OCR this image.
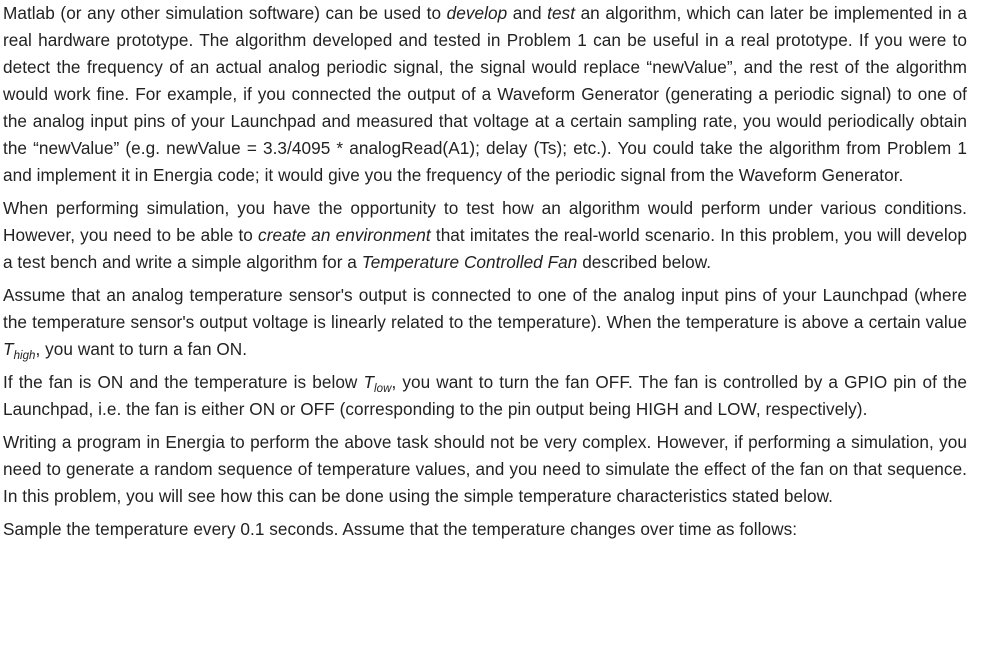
Matlab (or any other simulation software) can be used to develop and test an algorithm, which can later be implemented in a real hardware prototype. The algorithm developed and tested in Problem 1 can be useful in a real prototype. If you were to detect the frequency of an actual analog periodic signal, the signal would replace “newValue”, and the rest of the algorithm would work fine. For example, if you connected the output of a Waveform Generator (generating a periodic signal) to one of the analog input pins of your Launchpad and measured that voltage at a certain sampling rate, you would periodically obtain the “newValue” (e.g. newValue = 3.3/4095 * analogRead(A1); delay (Ts); etc.). You could take the algorithm from Problem 1 and implement it in Energia code; it would give you the frequency of the periodic signal from the Waveform Generator.

When performing simulation, you have the opportunity to test how an algorithm would perform under various conditions. However, you need to be able to create an environment that imitates the real-world scenario. In this problem, you will develop a test bench and write a simple algorithm for a Temperature Controlled Fan described below.

Assume that an analog temperature sensor's output is connected to one of the analog input pins of your Launchpad (where the temperature sensor's output voltage is linearly related to the temperature). When the temperature is above a certain value $T_{high}$, you want to turn a fan ON.

If the fan is ON and the temperature is below $T_{low}$, you want to turn the fan OFF. The fan is controlled by a GPIO pin of the Launchpad, i.e. the fan is either ON or OFF (corresponding to the pin output being HIGH and LOW, respectively).

Writing a program in Energia to perform the above task should not be very complex. However, if performing a simulation, you need to generate a random sequence of temperature values, and you need to simulate the effect of the fan on that sequence. In this problem, you will see how this can be done using the simple temperature characteristics stated below.

Sample the temperature every 0.1 seconds. Assume that the temperature changes over time as follows:
